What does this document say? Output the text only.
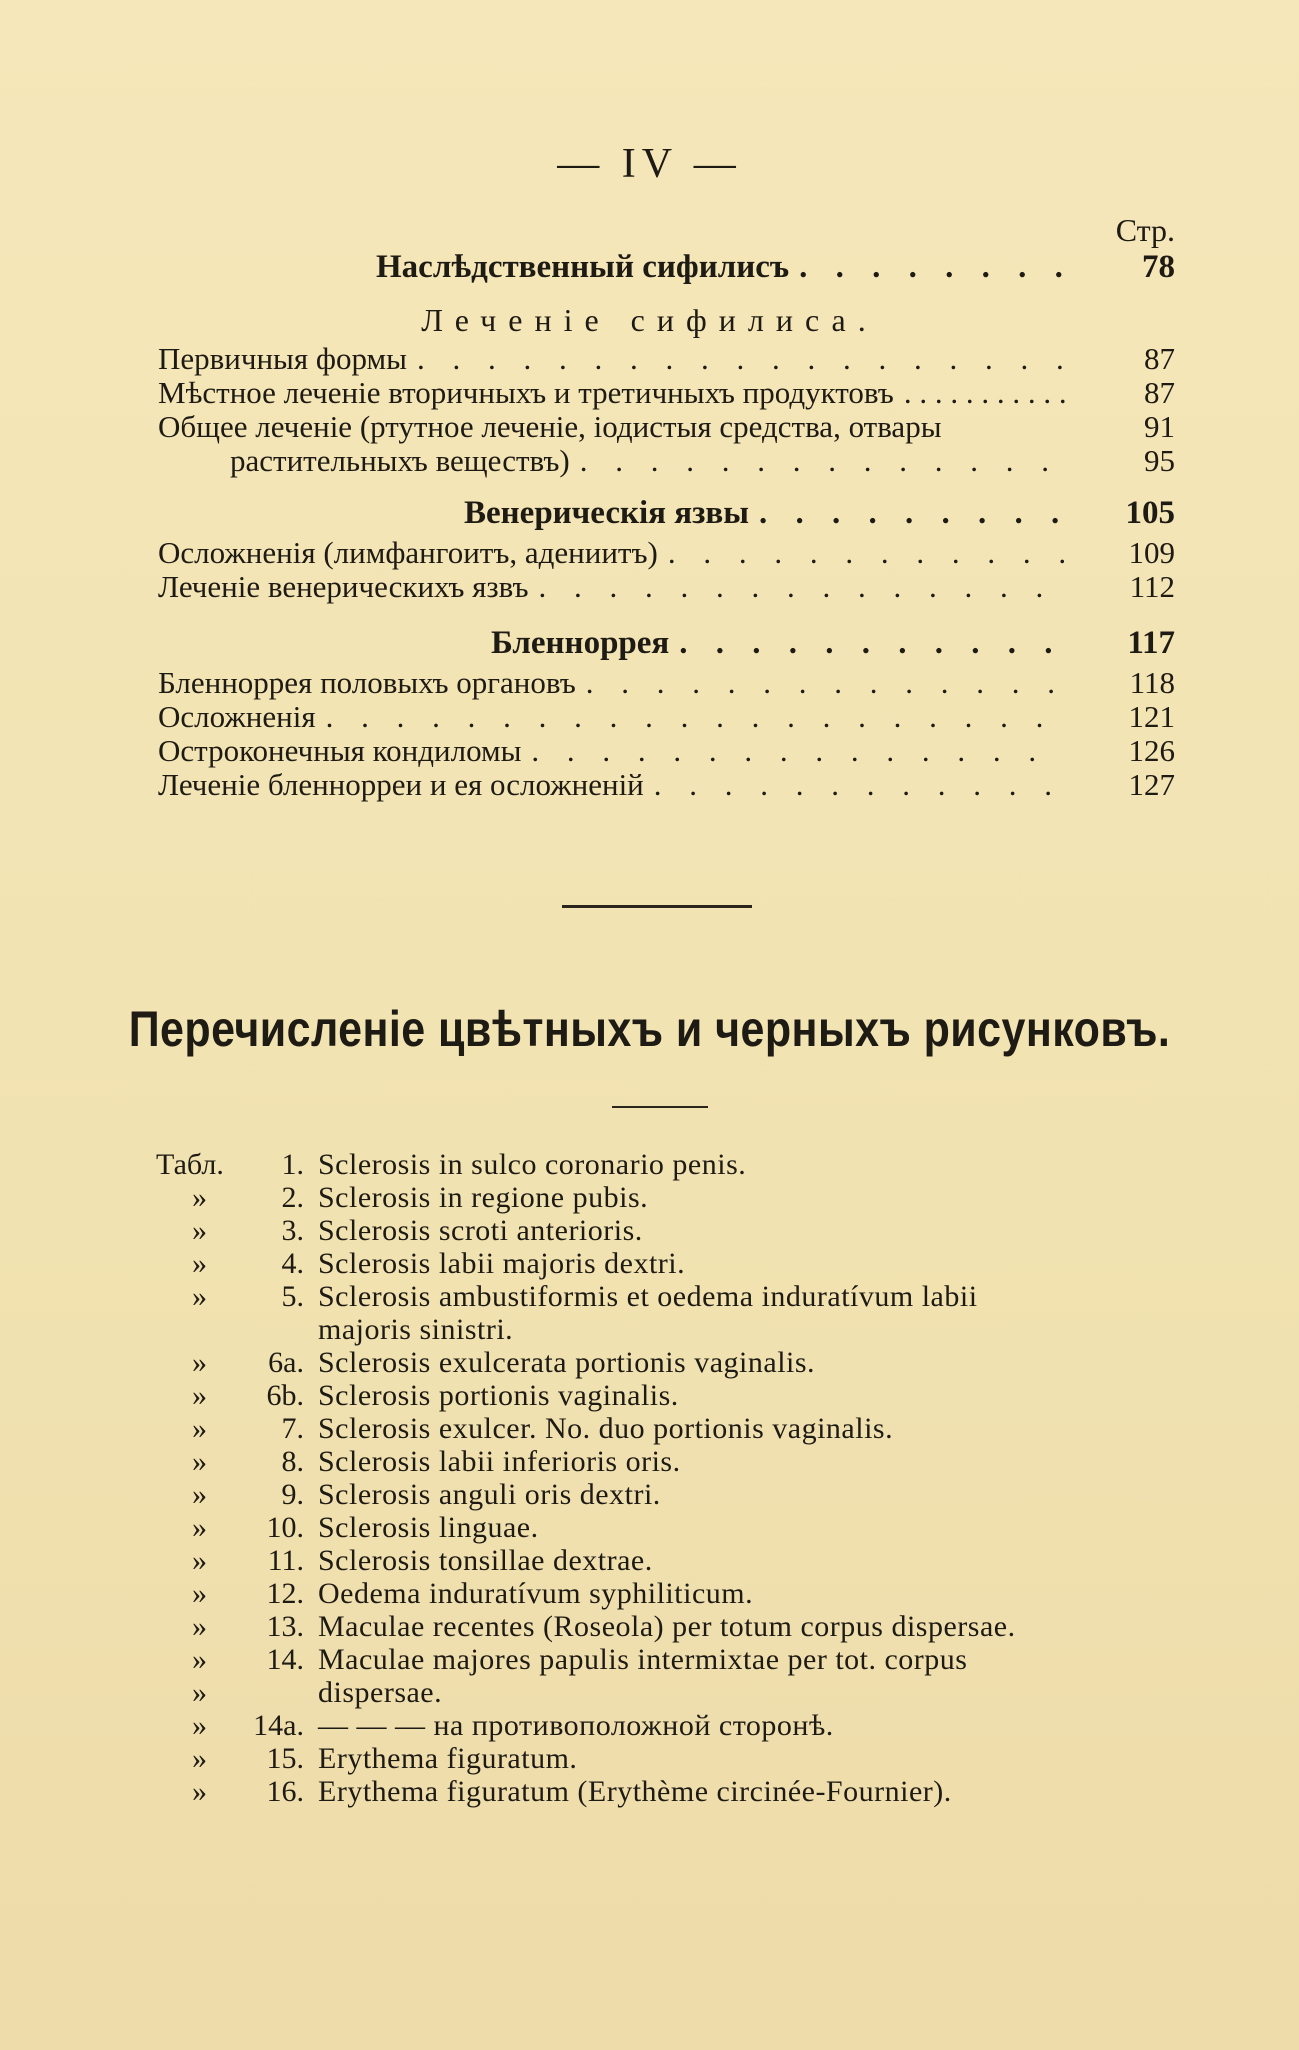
— IV —
Стр.
Наслѣдственный сифилисъ . . .	78
Леченіе сифилиса.
Первичныя формы . . .	87
Мѣстное леченіе вторичныхъ и третичныхъ продуктовъ . . .	87
Общее леченіе (ртутное леченіе, іодистыя средства, отвары	91
растительныхъ веществъ) . . .	95
Венерическія язвы . . .	105
Осложненія (лимфангоитъ, адениитъ) . . .	109
Леченіе венерическихъ язвъ . . .	112
Бленноррея . . .	117
Бленноррея половыхъ органовъ . . .	118
Осложненія . . .	121
Остроконечныя кондиломы . . .	126
Леченіе бленнорреи и ея осложненій . . .	127
Перечисленіе цвѣтныхъ и черныхъ рисунковъ.
Табл.	1. Sclerosis in sulco coronario penis.
»	2. Sclerosis in regione pubis.
»	3. Sclerosis scroti anterioris.
»	4. Sclerosis labii majoris dextri.
»	5. Sclerosis ambustiformis et oedema induratívum labii
majoris sinistri.
»	6a. Sclerosis exulcerata portionis vaginalis.
»	6b. Sclerosis portionis vaginalis.
»	7. Sclerosis exulcer. No. duo portionis vaginalis.
»	8. Sclerosis labii inferioris oris.
»	9. Sclerosis anguli oris dextri.
»	10. Sclerosis linguae.
»	11. Sclerosis tonsillae dextrae.
»	12. Oedema induratívum syphiliticum.
»	13. Maculae recentes (Roseola) per totum corpus dispersae.
»	14. Maculae majores papulis intermixtae per tot. corpus
»	dispersae.
»	14a. — — — на противоположной сторонѣ.
»	15. Erythema figuratum.
»	16. Erythema figuratum (Erythème circinée-Fournier).
